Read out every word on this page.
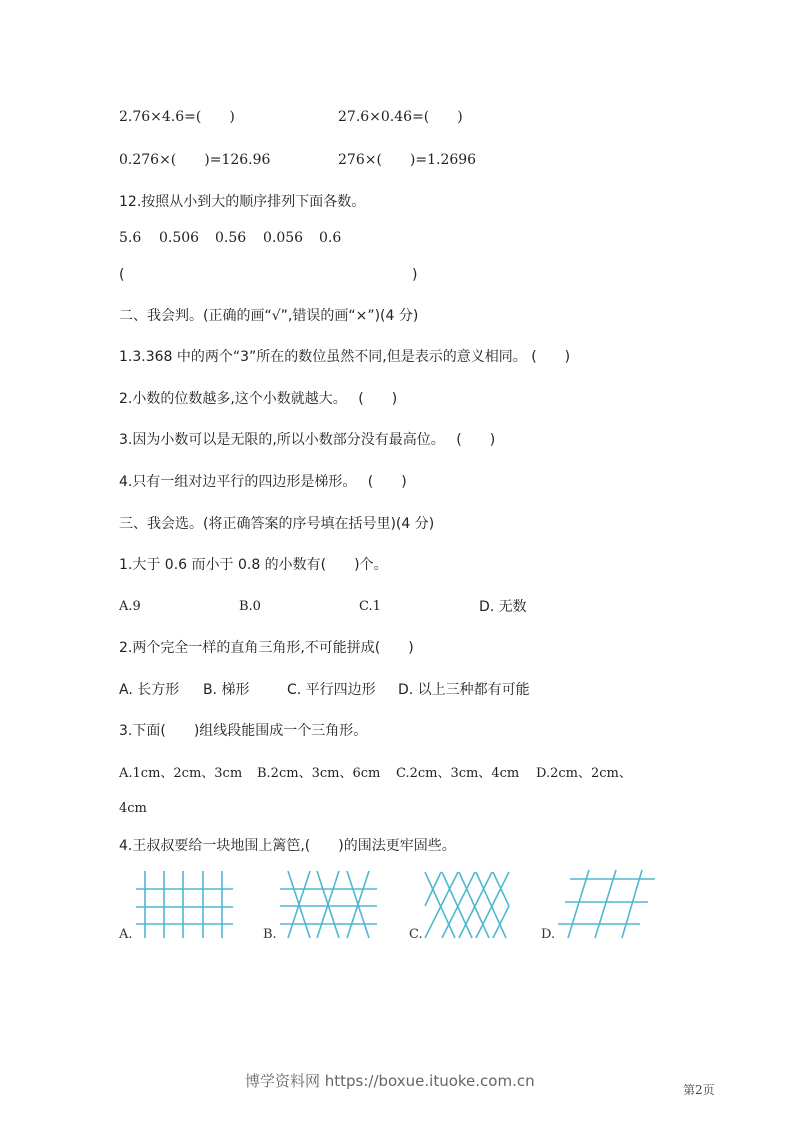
2.76×4.6=(　　)	27.6×0.46=(　　)
0.276×(　　)=126.96	276×(　　)=1.2696
12.按照从小到大的顺序排列下面各数。
5.6 0.506 0.56 0.056 0.6
(	)
二、我会判。(正确的画“√”,错误的画“×”)(4 分)
1.3.368 中的两个“3”所在的数位虽然不同,但是表示的意义相同。 (　　)
2.小数的位数越多,这个小数就越大。　 (　　)
3.因为小数可以是无限的,所以小数部分没有最高位。　 (　　)
4.只有一组对边平行的四边形是梯形。　 (　　)
三、我会选。(将正确答案的序号填在括号里)(4 分)
1.大于 0.6 而小于 0.8 的小数有(　　)个。
A.9	B.0	C.1	D. 无数
2.两个完全一样的直角三角形,不可能拼成(　　)
A. 长方形 B. 梯形	C. 平行四边形 D. 以上三种都有可能
3.下面(　　)组线段能围成一个三角形。
A.1cm、2cm、3cm B.2cm、3cm、6cm C.2cm、3cm、4cm D.2cm、2cm、
4cm
4.王叔叔要给一块地围上篱笆,(　　)的围法更牢固些。
A.	B.	C.	D.
博学资料网 https://boxue.ituoke.com.cn	第2页
